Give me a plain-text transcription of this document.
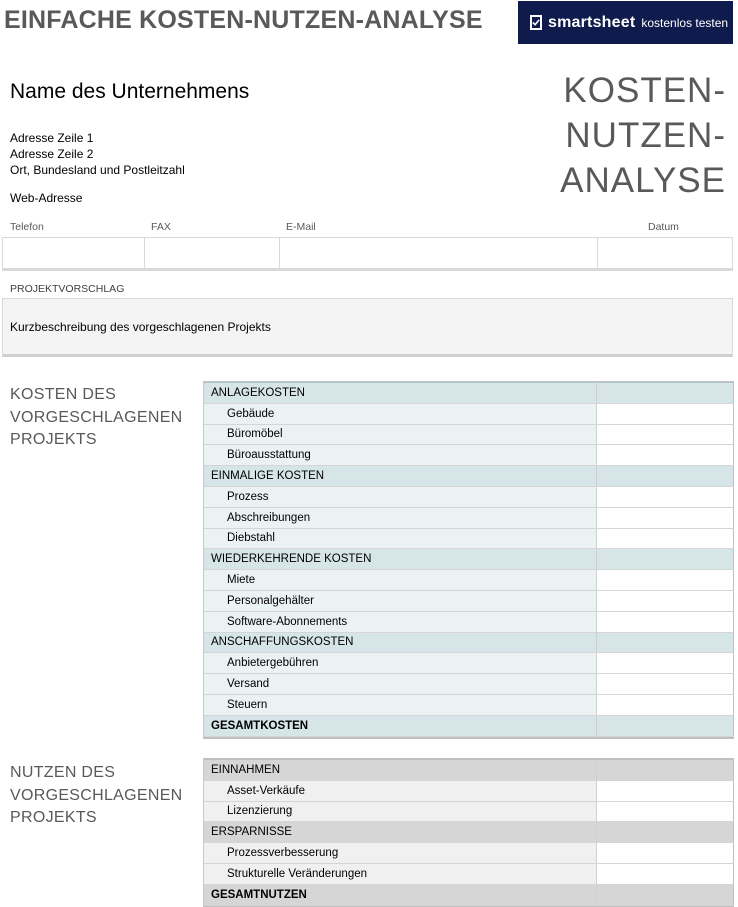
EINFACHE KOSTEN-NUTZEN-ANALYSE	smartsheet kostenlos testen
Name des Unternehmens
Adresse Zeile 1
Adresse Zeile 2
Ort, Bundesland und Postleitzahl
Web-Adresse
KOSTEN-
NUTZEN-
ANALYSE
Telefon	FAX	E-Mail	Datum
PROJEKTVORSCHLAG
Kurzbeschreibung des vorgeschlagenen Projekts
KOSTEN DES
VORGESCHLAGENEN
PROJEKTS
ANLAGEKOSTEN
Gebäude
Büromöbel
Büroausstattung
EINMALIGE KOSTEN
Prozess
Abschreibungen
Diebstahl
WIEDERKEHRENDE KOSTEN
Miete
Personalgehälter
Software-Abonnements
ANSCHAFFUNGSKOSTEN
Anbietergebühren
Versand
Steuern
GESAMTKOSTEN
NUTZEN DES
VORGESCHLAGENEN
PROJEKTS
EINNAHMEN
Asset-Verkäufe
Lizenzierung
ERSPARNISSE
Prozessverbesserung
Strukturelle Veränderungen
GESAMTNUTZEN
